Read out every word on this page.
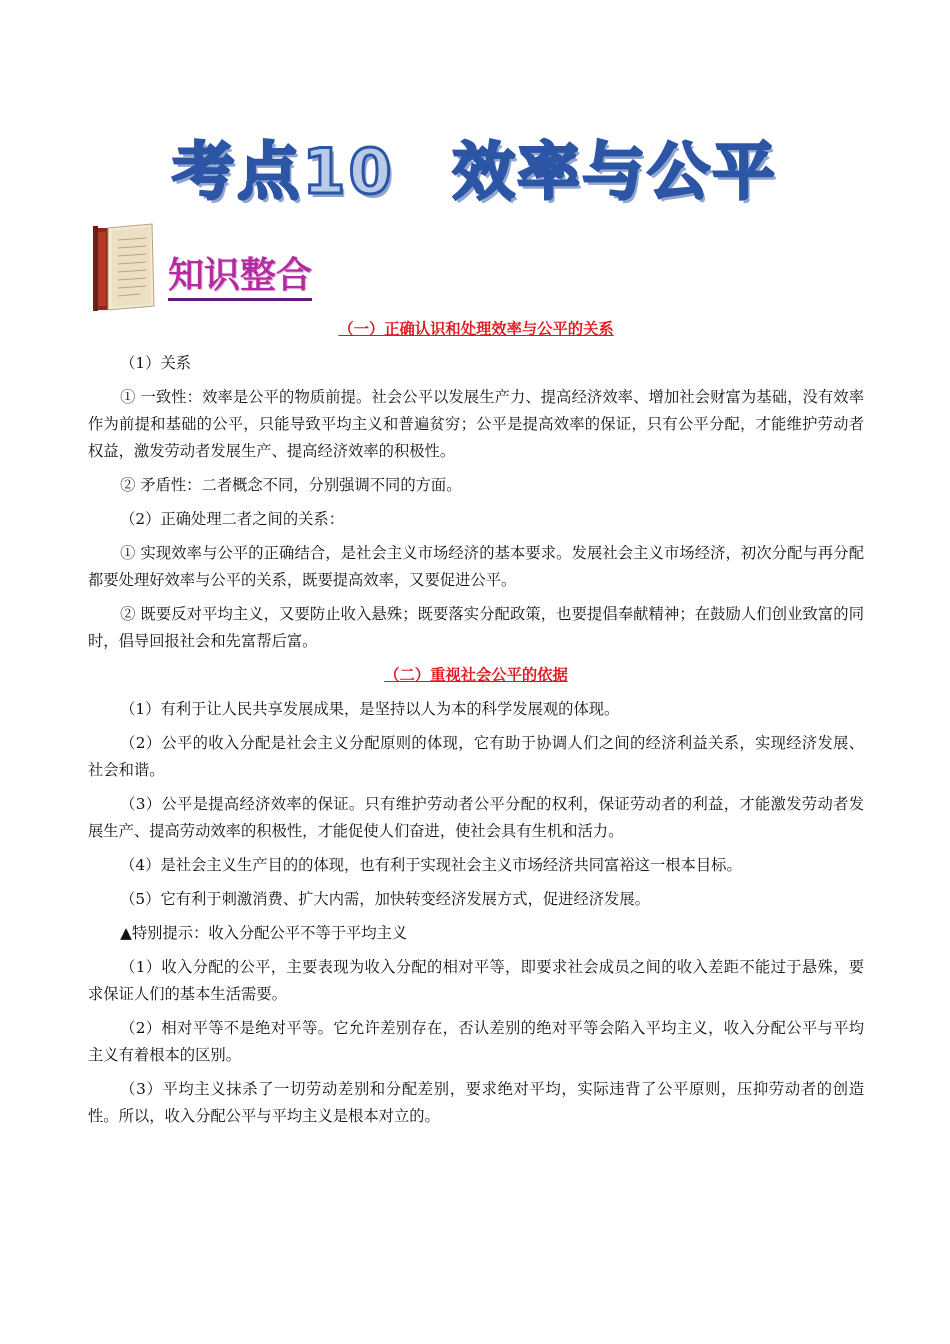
考点10 效率与公平
知识整合
（一）正确认识和处理效率与公平的关系

（1）关系

① 一致性：效率是公平的物质前提。社会公平以发展生产力、提高经济效率、增加社会财富为基础，没有效率作为前提和基础的公平，只能导致平均主义和普遍贫穷；公平是提高效率的保证，只有公平分配，才能维护劳动者权益，激发劳动者发展生产、提高经济效率的积极性。

② 矛盾性：二者概念不同，分别强调不同的方面。

（2）正确处理二者之间的关系：

① 实现效率与公平的正确结合，是社会主义市场经济的基本要求。发展社会主义市场经济，初次分配与再分配都要处理好效率与公平的关系，既要提高效率，又要促进公平。

② 既要反对平均主义，又要防止收入悬殊；既要落实分配政策，也要提倡奉献精神；在鼓励人们创业致富的同时，倡导回报社会和先富帮后富。

（二）重视社会公平的依据

（1）有利于让人民共享发展成果，是坚持以人为本的科学发展观的体现。

（2）公平的收入分配是社会主义分配原则的体现，它有助于协调人们之间的经济利益关系，实现经济发展、社会和谐。

（3）公平是提高经济效率的保证。只有维护劳动者公平分配的权利，保证劳动者的利益，才能激发劳动者发展生产、提高劳动效率的积极性，才能促使人们奋进，使社会具有生机和活力。

（4）是社会主义生产目的的体现，也有利于实现社会主义市场经济共同富裕这一根本目标。

（5）它有利于刺激消费、扩大内需，加快转变经济发展方式，促进经济发展。

▲特别提示：收入分配公平不等于平均主义

（1）收入分配的公平，主要表现为收入分配的相对平等，即要求社会成员之间的收入差距不能过于悬殊，要求保证人们的基本生活需要。

（2）相对平等不是绝对平等。它允许差别存在，否认差别的绝对平等会陷入平均主义，收入分配公平与平均主义有着根本的区别。

（3）平均主义抹杀了一切劳动差别和分配差别，要求绝对平均，实际违背了公平原则，压抑劳动者的创造性。所以，收入分配公平与平均主义是根本对立的。
